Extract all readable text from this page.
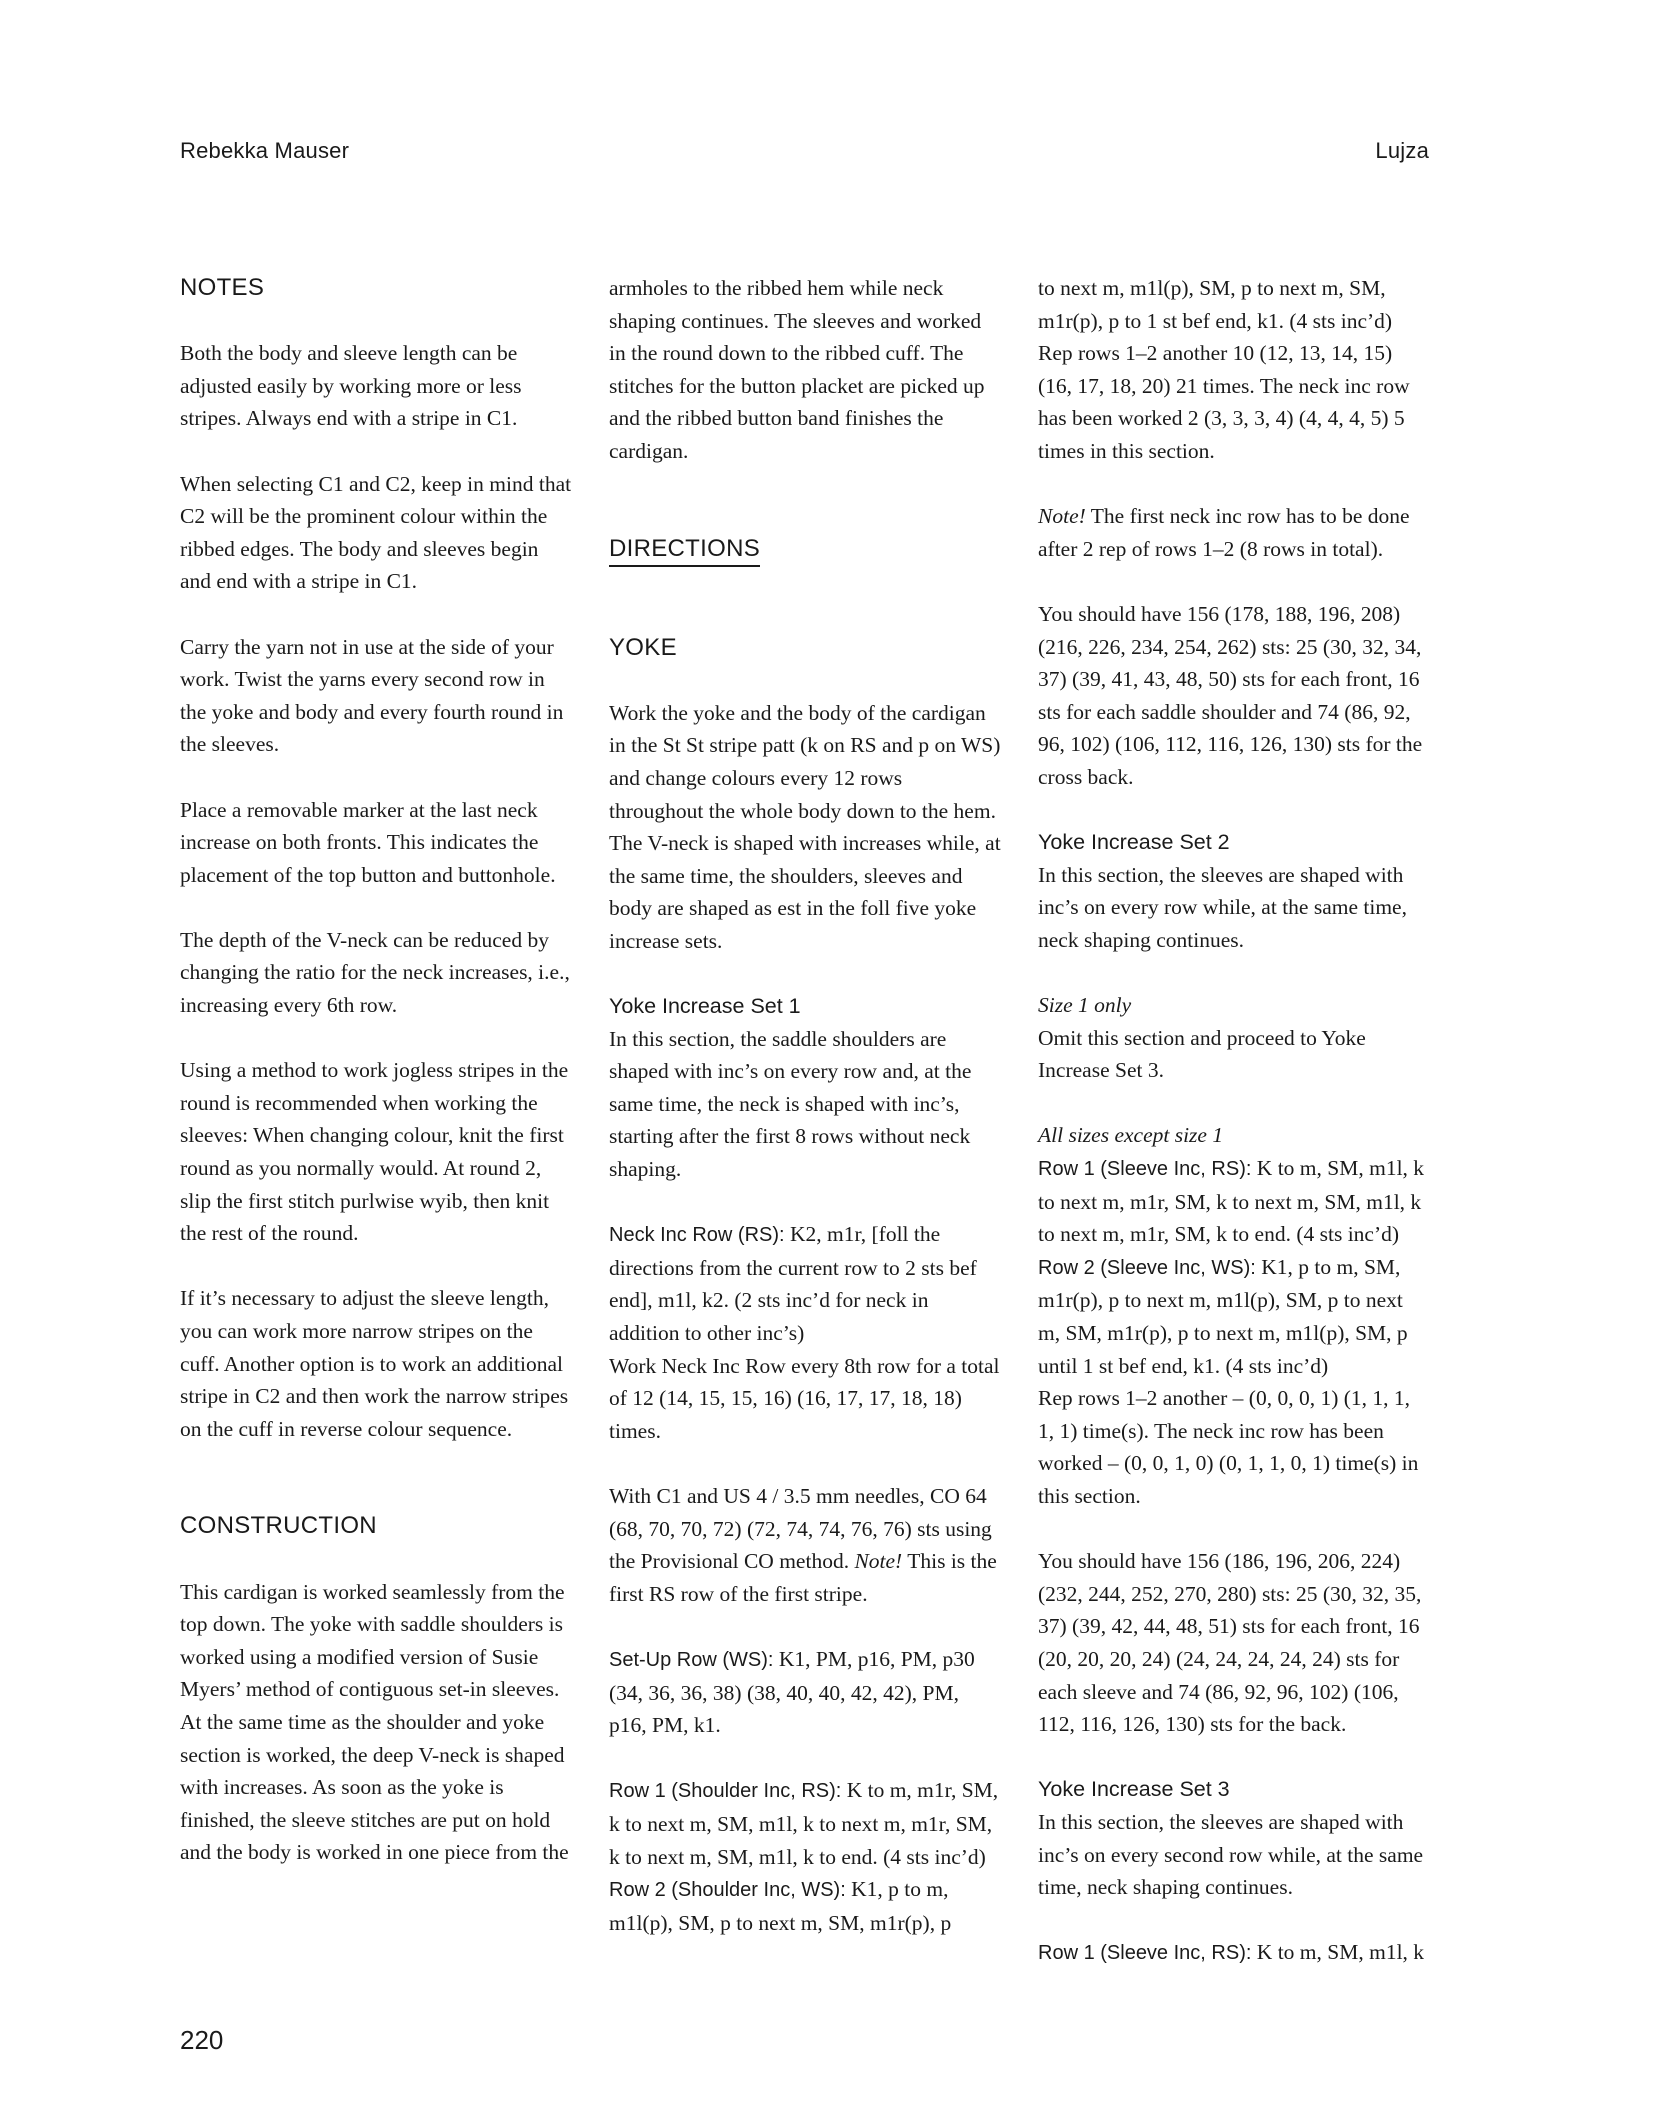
Rebekka Mauser	Lujza
NOTES

Both the body and sleeve length can be adjusted easily by working more or less stripes. Always end with a stripe in C1.

When selecting C1 and C2, keep in mind that C2 will be the prominent colour within the ribbed edges. The body and sleeves begin and end with a stripe in C1.

Carry the yarn not in use at the side of your work. Twist the yarns every second row in the yoke and body and every fourth round in the sleeves.

Place a removable marker at the last neck increase on both fronts. This indicates the placement of the top button and buttonhole.

The depth of the V-neck can be reduced by changing the ratio for the neck increases, i.e., increasing every 6th row.

Using a method to work jogless stripes in the round is recommended when working the sleeves: When changing colour, knit the first round as you normally would. At round 2, slip the first stitch purlwise wyib, then knit the rest of the round.

If it’s necessary to adjust the sleeve length, you can work more narrow stripes on the cuff. Another option is to work an additional stripe in C2 and then work the narrow stripes on the cuff in reverse colour sequence.

CONSTRUCTION

This cardigan is worked seamlessly from the top down. The yoke with saddle shoulders is worked using a modified version of Susie Myers’ method of contiguous set-in sleeves. At the same time as the shoulder and yoke section is worked, the deep V-neck is shaped with increases. As soon as the yoke is finished, the sleeve stitches are put on hold and the body is worked in one piece from the

armholes to the ribbed hem while neck shaping continues. The sleeves and worked in the round down to the ribbed cuff. The stitches for the button placket are picked up and the ribbed button band finishes the cardigan.

DIRECTIONS
YOKE

Work the yoke and the body of the cardigan in the St St stripe patt (k on RS and p on WS) and change colours every 12 rows throughout the whole body down to the hem. The V-neck is shaped with increases while, at the same time, the shoulders, sleeves and body are shaped as est in the foll five yoke increase sets.

Yoke Increase Set 1

In this section, the saddle shoulders are shaped with inc’s on every row and, at the same time, the neck is shaped with inc’s, starting after the first 8 rows without neck shaping.

Neck Inc Row (RS): K2, m1r, [foll the directions from the current row to 2 sts bef end], m1l, k2. (2 sts inc’d for neck in addition to other inc’s)

Work Neck Inc Row every 8th row for a total of 12 (14, 15, 15, 16) (16, 17, 17, 18, 18) times.

With C1 and US 4 / 3.5 mm needles, CO 64 (68, 70, 70, 72) (72, 74, 74, 76, 76) sts using the Provisional CO method. Note! This is the first RS row of the first stripe.

Set-Up Row (WS): K1, PM, p16, PM, p30 (34, 36, 36, 38) (38, 40, 40, 42, 42), PM, p16, PM, k1.

Row 1 (Shoulder Inc, RS): K to m, m1r, SM, k to next m, SM, m1l, k to next m, m1r, SM, k to next m, SM, m1l, k to end. (4 sts inc’d)

Row 2 (Shoulder Inc, WS): K1, p to m, m1l(p), SM, p to next m, SM, m1r(p), p

to next m, m1l(p), SM, p to next m, SM, m1r(p), p to 1 st bef end, k1. (4 sts inc’d)

Rep rows 1–2 another 10 (12, 13, 14, 15) (16, 17, 18, 20) 21 times. The neck inc row has been worked 2 (3, 3, 3, 4) (4, 4, 4, 5) 5 times in this section.

Note! The first neck inc row has to be done after 2 rep of rows 1–2 (8 rows in total).

You should have 156 (178, 188, 196, 208) (216, 226, 234, 254, 262) sts: 25 (30, 32, 34, 37) (39, 41, 43, 48, 50) sts for each front, 16 sts for each saddle shoulder and 74 (86, 92, 96, 102) (106, 112, 116, 126, 130) sts for the cross back.

Yoke Increase Set 2

In this section, the sleeves are shaped with inc’s on every row while, at the same time, neck shaping continues.

Size 1 only

Omit this section and proceed to Yoke Increase Set 3.

All sizes except size 1

Row 1 (Sleeve Inc, RS): K to m, SM, m1l, k to next m, m1r, SM, k to next m, SM, m1l, k to next m, m1r, SM, k to end. (4 sts inc’d)

Row 2 (Sleeve Inc, WS): K1, p to m, SM, m1r(p), p to next m, m1l(p), SM, p to next m, SM, m1r(p), p to next m, m1l(p), SM, p until 1 st bef end, k1. (4 sts inc’d)

Rep rows 1–2 another – (0, 0, 0, 1) (1, 1, 1, 1, 1) time(s). The neck inc row has been worked – (0, 0, 1, 0) (0, 1, 1, 0, 1) time(s) in this section.

You should have 156 (186, 196, 206, 224) (232, 244, 252, 270, 280) sts: 25 (30, 32, 35, 37) (39, 42, 44, 48, 51) sts for each front, 16 (20, 20, 20, 24) (24, 24, 24, 24, 24) sts for each sleeve and 74 (86, 92, 96, 102) (106, 112, 116, 126, 130) sts for the back.

Yoke Increase Set 3

In this section, the sleeves are shaped with inc’s on every second row while, at the same time, neck shaping continues.

Row 1 (Sleeve Inc, RS): K to m, SM, m1l, k

220
